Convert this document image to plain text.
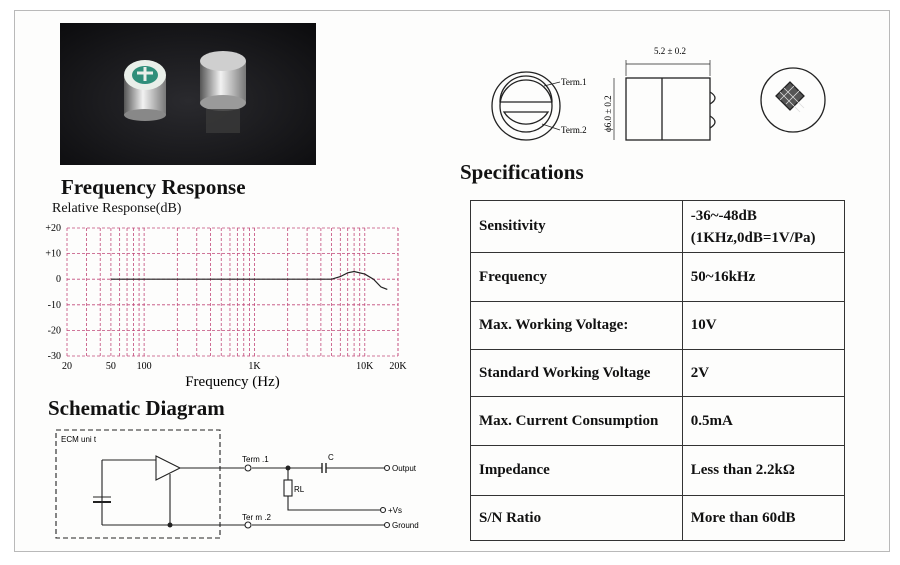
Frequency Response
Relative Response(dB)
+20
+10
0
-10
-20
-30
20	50 100	1K	10K 20K
Frequency (Hz)
Specifications
Sensitivity	-36~-48dB
(1KHz,0dB=1V/Pa)

Frequency	50~16kHz
Max. Working Voltage:	10V
Standard Working Voltage	2V
Max. Current Consumption	0.5mA
Impedance	Less than 2.2kΩ
S/N Ratio	More than 60dB
Term.1
Term.2
5.2 ± 0.2
ϕ6.0 ± 0.2
Schematic Diagram
ECM uni t
Term .1
Ter m .2
C
RL
Output
+Vs
Ground
